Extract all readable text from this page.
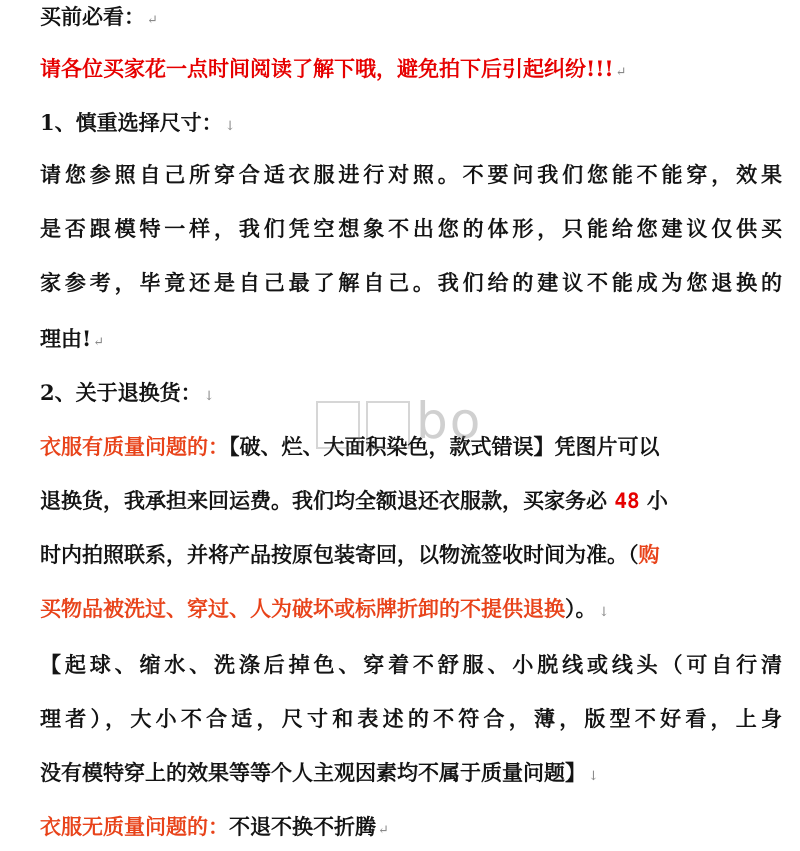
买前必看： ↵
请各位买家花一点时间阅读了解下哦，避免拍下后引起纠纷!!! ↵
1、慎重选择尺寸： ↓
请您参照自己所穿合适衣服进行对照。不要问我们您能不能穿，效果
是否跟模特一样，我们凭空想象不出您的体形，只能给您建议仅供买
家参考，毕竟还是自己最了解自己。我们给的建议不能成为您退换的
理由! ↵
2、关于退换货： ↓
衣服有质量问题的：【破、烂、大面积染色，款式错误】凭图片可以
退换货，我承担来回运费。我们均全额退还衣服款，买家务必 48 小
时内拍照联系，并将产品按原包装寄回，以物流签收时间为准。（购
买物品被洗过、穿过、人为破坏或标牌折卸的不提供退换）。 ↓
【起球、缩水、洗涤后掉色、穿着不舒服、小脱线或线头（可自行清
理者），大小不合适，尺寸和表述的不符合，薄，版型不好看，上身
没有模特穿上的效果等等个人主观因素均不属于质量问题】 ↓
衣服无质量问题的：不退不换不折腾 ↵
bo
